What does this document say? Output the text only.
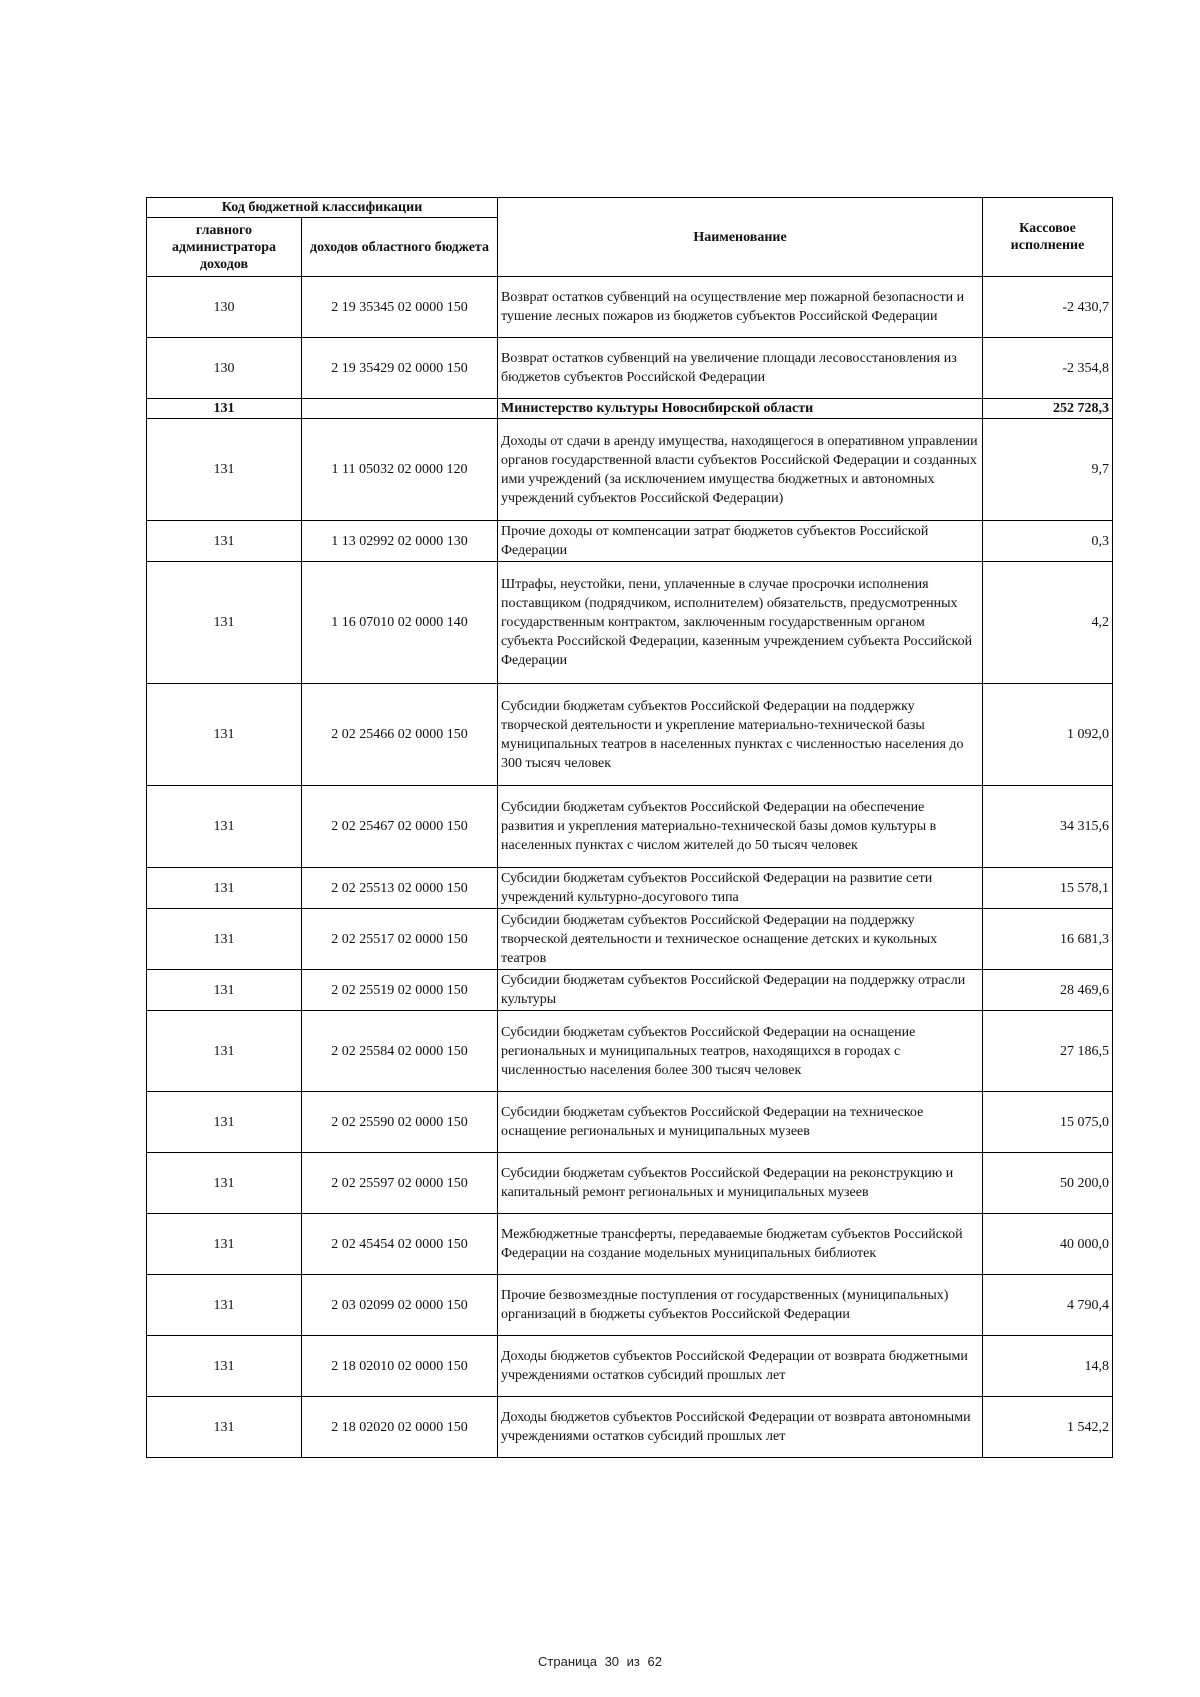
Код бюджетной классификации		Наименование	Кассовое исполнение
главного администратора доходов	доходов областного бюджета		
130	2 19 35345 02 0000 150	Возврат остатков субвенций на осуществление мер пожарной безопасности и тушение лесных пожаров из бюджетов субъектов Российской Федерации	-2 430,7
130	2 19 35429 02 0000 150	Возврат остатков субвенций на увеличение площади лесовосстановления из бюджетов субъектов Российской Федерации	-2 354,8
131		Министерство культуры Новосибирской области	252 728,3
131	1 11 05032 02 0000 120	Доходы от сдачи в аренду имущества, находящегося в оперативном управлении органов государственной власти субъектов Российской Федерации и созданных ими учреждений (за исключением имущества бюджетных и автономных учреждений субъектов Российской Федерации)	9,7
131	1 13 02992 02 0000 130	Прочие доходы от компенсации затрат бюджетов субъектов Российской Федерации	0,3
131	1 16 07010 02 0000 140	Штрафы, неустойки, пени, уплаченные в случае просрочки исполнения поставщиком (подрядчиком, исполнителем) обязательств, предусмотренных государственным контрактом, заключенным государственным органом субъекта Российской Федерации, казенным учреждением субъекта Российской Федерации	4,2
131	2 02 25466 02 0000 150	Субсидии бюджетам субъектов Российской Федерации на поддержку творческой деятельности и укрепление материально-технической базы муниципальных театров в населенных пунктах с численностью населения до 300 тысяч человек	1 092,0
131	2 02 25467 02 0000 150	Субсидии бюджетам субъектов Российской Федерации на обеспечение развития и укрепления материально-технической базы домов культуры в населенных пунктах с числом жителей до 50 тысяч человек	34 315,6
131	2 02 25513 02 0000 150	Субсидии бюджетам субъектов Российской Федерации на развитие сети учреждений культурно-досугового типа	15 578,1
131	2 02 25517 02 0000 150	Субсидии бюджетам субъектов Российской Федерации на поддержку творческой деятельности и техническое оснащение детских и кукольных театров	16 681,3
131	2 02 25519 02 0000 150	Субсидии бюджетам субъектов Российской Федерации на поддержку отрасли культуры	28 469,6
131	2 02 25584 02 0000 150	Субсидии бюджетам субъектов Российской Федерации на оснащение региональных и муниципальных театров, находящихся в городах с численностью населения более 300 тысяч человек	27 186,5
131	2 02 25590 02 0000 150	Субсидии бюджетам субъектов Российской Федерации на техническое оснащение региональных и муниципальных музеев	15 075,0
131	2 02 25597 02 0000 150	Субсидии бюджетам субъектов Российской Федерации на реконструкцию и капитальный ремонт региональных и муниципальных музеев	50 200,0
131	2 02 45454 02 0000 150	Межбюджетные трансферты, передаваемые бюджетам субъектов Российской Федерации на создание модельных муниципальных библиотек	40 000,0
131	2 03 02099 02 0000 150	Прочие безвозмездные поступления от государственных (муниципальных) организаций в бюджеты субъектов Российской Федерации	4 790,4
131	2 18 02010 02 0000 150	Доходы бюджетов субъектов Российской Федерации от возврата бюджетными учреждениями остатков субсидий прошлых лет	14,8
131	2 18 02020 02 0000 150	Доходы бюджетов субъектов Российской Федерации от возврата автономными учреждениями остатков субсидий прошлых лет	1 542,2
Страница 30 из 62
